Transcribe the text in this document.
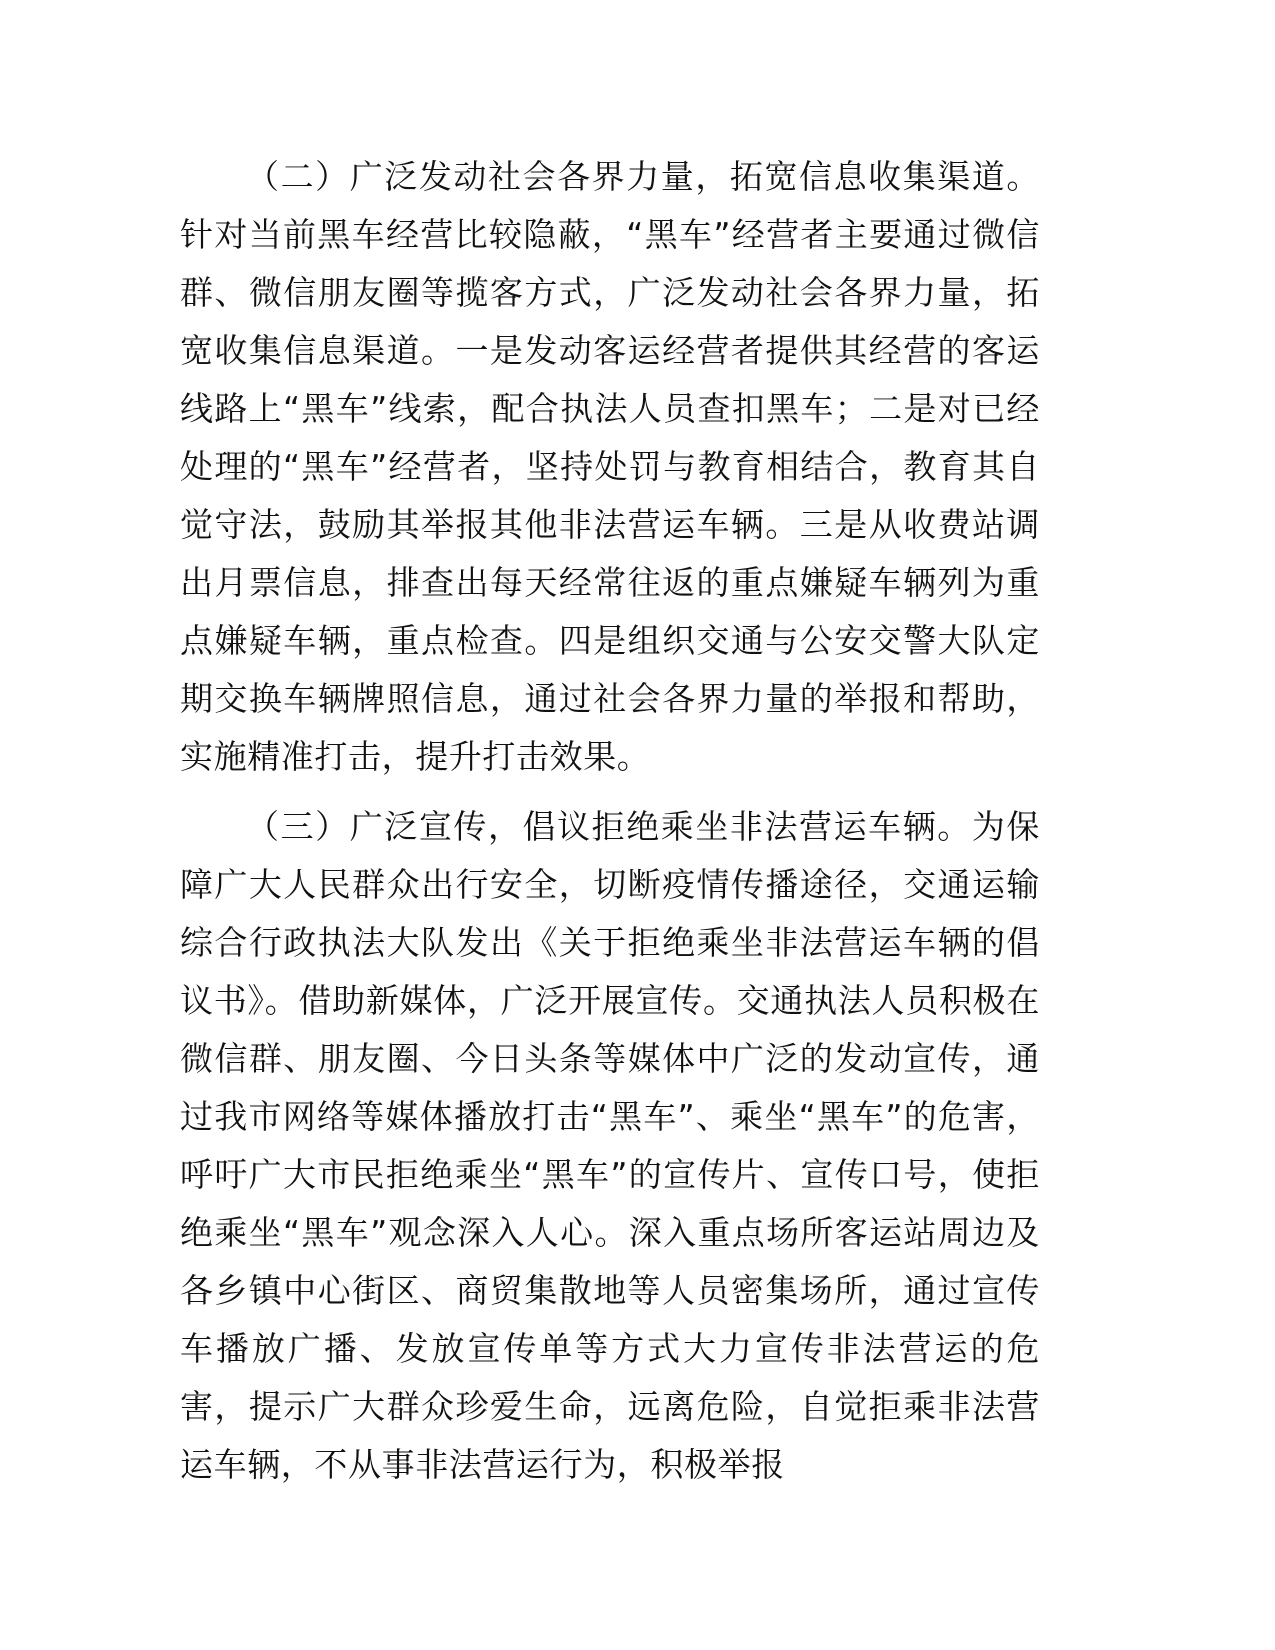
（二）广泛发动社会各界力量，拓宽信息收集渠道。针对当前黑车经营比较隐蔽，“黑车”经营者主要通过微信群、微信朋友圈等揽客方式，广泛发动社会各界力量，拓宽收集信息渠道。一是发动客运经营者提供其经营的客运线路上“黑车”线索，配合执法人员查扣黑车；二是对已经处理的“黑车”经营者，坚持处罚与教育相结合，教育其自觉守法，鼓励其举报其他非法营运车辆。三是从收费站调出月票信息，排查出每天经常往返的重点嫌疑车辆列为重点嫌疑车辆，重点检查。四是组织交通与公安交警大队定期交换车辆牌照信息，通过社会各界力量的举报和帮助，实施精准打击，提升打击效果。

（三）广泛宣传，倡议拒绝乘坐非法营运车辆。为保障广大人民群众出行安全，切断疫情传播途径，交通运输综合行政执法大队发出《关于拒绝乘坐非法营运车辆的倡议书》。借助新媒体，广泛开展宣传。交通执法人员积极在微信群、朋友圈、今日头条等媒体中广泛的发动宣传，通过我市网络等媒体播放打击“黑车”、乘坐“黑车”的危害，呼吁广大市民拒绝乘坐“黑车”的宣传片、宣传口号，使拒绝乘坐“黑车”观念深入人心。深入重点场所客运站周边及各乡镇中心街区、商贸集散地等人员密集场所，通过宣传车播放广播、发放宣传单等方式大力宣传非法营运的危害，提示广大群众珍爱生命，远离危险，自觉拒乘非法营运车辆，不从事非法营运行为，积极举报
